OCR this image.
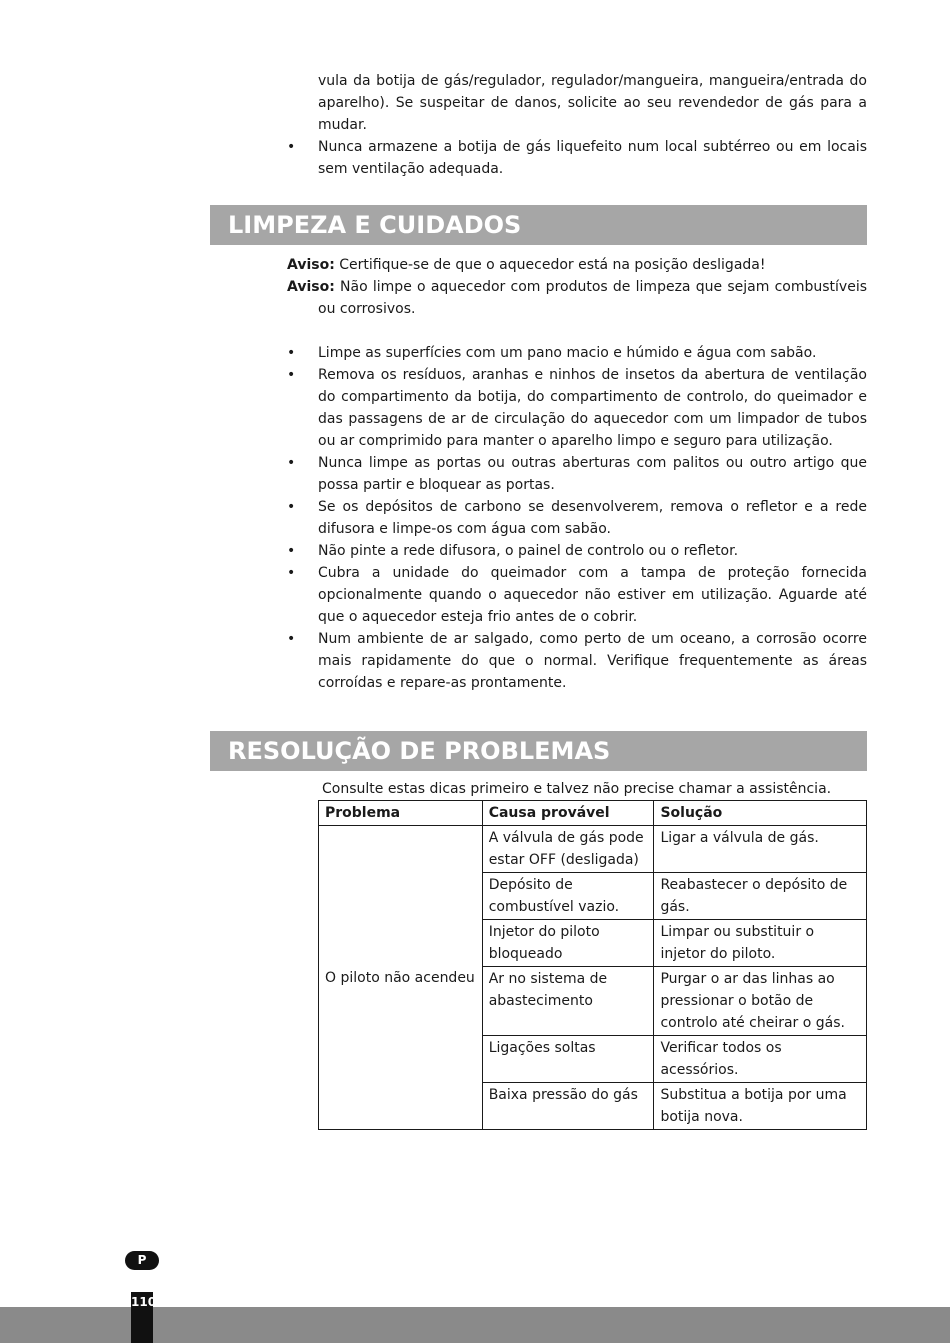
vula da botija de gás/regulador, regulador/mangueira, mangueira/entrada do aparelho). Se suspeitar de danos, solicite ao seu revendedor de gás para a mudar.
• Nunca armazene a botija de gás liquefeito num local subtérreo ou em locais sem ventilação adequada.
LIMPEZA E CUIDADOS
Aviso: Certifique-se de que o aquecedor está na posição desligada!
Aviso: Não limpe o aquecedor com produtos de limpeza que sejam combustíveis ou corrosivos.
• Limpe as superfícies com um pano macio e húmido e água com sabão.
• Remova os resíduos, aranhas e ninhos de insetos da abertura de ventilação do compartimento da botija, do compartimento de controlo, do queimador e das passagens de ar de circulação do aquecedor com um limpador de tubos ou ar comprimido para manter o aparelho limpo e seguro para utilização.
• Nunca limpe as portas ou outras aberturas com palitos ou outro artigo que possa partir e bloquear as portas.
• Se os depósitos de carbono se desenvolverem, remova o refletor e a rede difusora e limpe-os com água com sabão.
• Não pinte a rede difusora, o painel de controlo ou o refletor.
• Cubra a unidade do queimador com a tampa de proteção fornecida opcionalmente quando o aquecedor não estiver em utilização. Aguarde até que o aquecedor esteja frio antes de o cobrir.
• Num ambiente de ar salgado, como perto de um oceano, a corrosão ocorre mais rapidamente do que o normal. Verifique frequentemente as áreas corroídas e repare-as prontamente.
RESOLUÇÃO DE PROBLEMAS
Consulte estas dicas primeiro e talvez não precise chamar a assistência.
Problema	Causa provável	Solução
O piloto não acendeu	A válvula de gás pode estar OFF (desligada)	Ligar a válvula de gás.
	Depósito de combustível vazio.	Reabastecer o depósito de gás.
	Injetor do piloto bloqueado	Limpar ou substituir o injetor do piloto.
	Ar no sistema de abastecimento	Purgar o ar das linhas ao pressionar o botão de controlo até cheirar o gás.
	Ligações soltas	Verificar todos os acessórios.
	Baixa pressão do gás	Substitua a botija por uma botija nova.
P
110
